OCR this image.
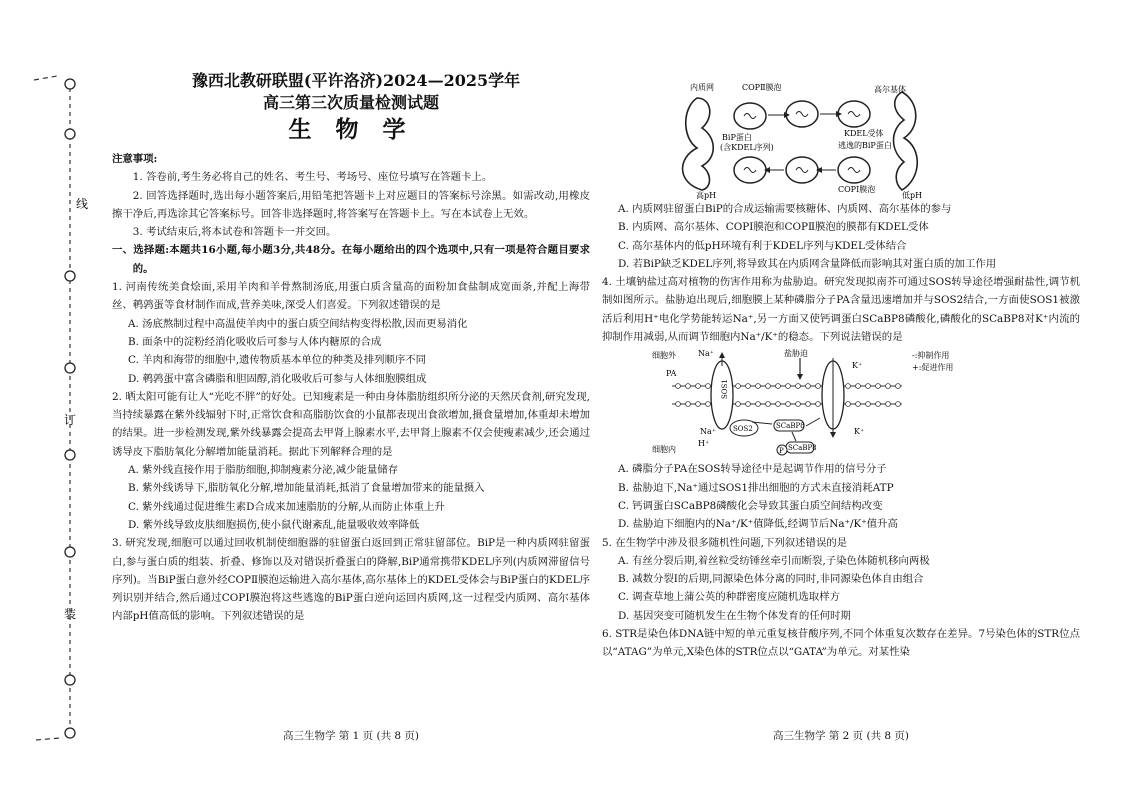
线
订
装
豫西北教研联盟(平许洛济)2024—2025学年
高三第三次质量检测试题
生 物 学
注意事项:
1. 答卷前,考生务必将自己的姓名、考生号、考场号、座位号填写在答题卡上。
2. 回答选择题时,选出每小题答案后,用铅笔把答题卡上对应题目的答案标号涂黑。如需改动,用橡皮擦干净后,再选涂其它答案标号。回答非选择题时,将答案写在答题卡上。写在本试卷上无效。
3. 考试结束后,将本试卷和答题卡一并交回。
一、选择题:本题共16小题,每小题3分,共48分。在每小题给出的四个选项中,只有一项是符合题目要求的。
1. 河南传统美食烩面,采用羊肉和羊骨熬制汤底,用蛋白质含量高的面粉加食盐制成宽面条,并配上海带丝、鹌鹑蛋等食材制作而成,营养美味,深受人们喜爱。下列叙述错误的是
A. 汤底熬制过程中高温使羊肉中的蛋白质空间结构变得松散,因而更易消化
B. 面条中的淀粉经消化吸收后可参与人体内糖原的合成
C. 羊肉和海带的细胞中,遗传物质基本单位的种类及排列顺序不同
D. 鹌鹑蛋中富含磷脂和胆固醇,消化吸收后可参与人体细胞膜组成
2. 晒太阳可能有让人“光吃不胖”的好处。已知瘦素是一种由身体脂肪组织所分泌的天然厌食剂,研究发现,当持续暴露在紫外线辐射下时,正常饮食和高脂肪饮食的小鼠都表现出食欲增加,摄食量增加,体重却未增加的结果。进一步检测发现,紫外线暴露会提高去甲肾上腺素水平,去甲肾上腺素不仅会使瘦素减少,还会通过诱导皮下脂肪氧化分解增加能量消耗。据此下列解释合理的是
A. 紫外线直接作用于脂肪细胞,抑制瘦素分泌,减少能量储存
B. 紫外线诱导下,脂肪氧化分解,增加能量消耗,抵消了食量增加带来的能量摄入
C. 紫外线通过促进维生素D合成来加速脂肪的分解,从而防止体重上升
D. 紫外线导致皮肤细胞损伤,使小鼠代谢紊乱,能量吸收效率降低
3. 研究发现,细胞可以通过回收机制使细胞器的驻留蛋白返回到正常驻留部位。BiP是一种内质网驻留蛋白,参与蛋白质的组装、折叠、修饰以及对错误折叠蛋白的降解,BiP通常携带KDEL序列(内质网滞留信号序列)。当BiP蛋白意外经COPⅡ膜泡运输进入高尔基体,高尔基体上的KDEL受体会与BiP蛋白的KDEL序列识别并结合,然后通过COPⅠ膜泡将这些逃逸的BiP蛋白逆向运回内质网,这一过程受内质网、高尔基体内部pH值高低的影响。下列叙述错误的是
高三生物学 第 1 页 (共 8 页)
内质网	COPⅡ膜泡	高尔基体
BiP蛋白
(含KDEL序列)
KDEL受体
逃逸的BiP蛋白
COPⅠ膜泡
高pH	低pH
A. 内质网驻留蛋白BiP的合成运输需要核糖体、内质网、高尔基体的参与
B. 内质网、高尔基体、COPⅠ膜泡和COPⅡ膜泡的膜都有KDEL受体
C. 高尔基体内的低pH环境有利于KDEL序列与KDEL受体结合
D. 若BiP缺乏KDEL序列,将导致其在内质网含量降低而影响其对蛋白质的加工作用
4. 土壤钠盐过高对植物的伤害作用称为盐胁迫。研究发现拟南芥可通过SOS转导途径增强耐盐性,调节机制如图所示。盐胁迫出现后,细胞膜上某种磷脂分子PA含量迅速增加并与SOS2结合,一方面使SOS1被激活后利用H⁺电化学势能转运Na⁺,另一方面又使钙调蛋白SCaBP8磷酸化,磷酸化的SCaBP8对K⁺内流的抑制作用减弱,从而调节细胞内Na⁺/K⁺的稳态。下列说法错误的是
SOS1
SOS2	SCaBP8
SCaBP8
P
细胞外
细胞内
Na⁺
Na⁺
H⁺
PA
盐胁迫
K⁺
K⁺
-:抑制作用
+:促进作用
A. 磷脂分子PA在SOS转导途径中是起调节作用的信号分子
B. 盐胁迫下,Na⁺通过SOS1排出细胞的方式未直接消耗ATP
C. 钙调蛋白SCaBP8磷酸化会导致其蛋白质空间结构改变
D. 盐胁迫下细胞内的Na⁺/K⁺值降低,经调节后Na⁺/K⁺值升高
5. 在生物学中涉及很多随机性问题,下列叙述错误的是
A. 有丝分裂后期,着丝粒受纺锤丝牵引而断裂,子染色体随机移向两极
B. 减数分裂Ⅰ的后期,同源染色体分离的同时,非同源染色体自由组合
C. 调查草地上蒲公英的种群密度应随机选取样方
D. 基因突变可随机发生在生物个体发育的任何时期
6. STR是染色体DNA链中短的单元重复核苷酸序列,不同个体重复次数存在差异。7号染色体的STR位点以“ATAG”为单元,X染色体的STR位点以“GATA”为单元。对某性染
高三生物学 第 2 页 (共 8 页)
